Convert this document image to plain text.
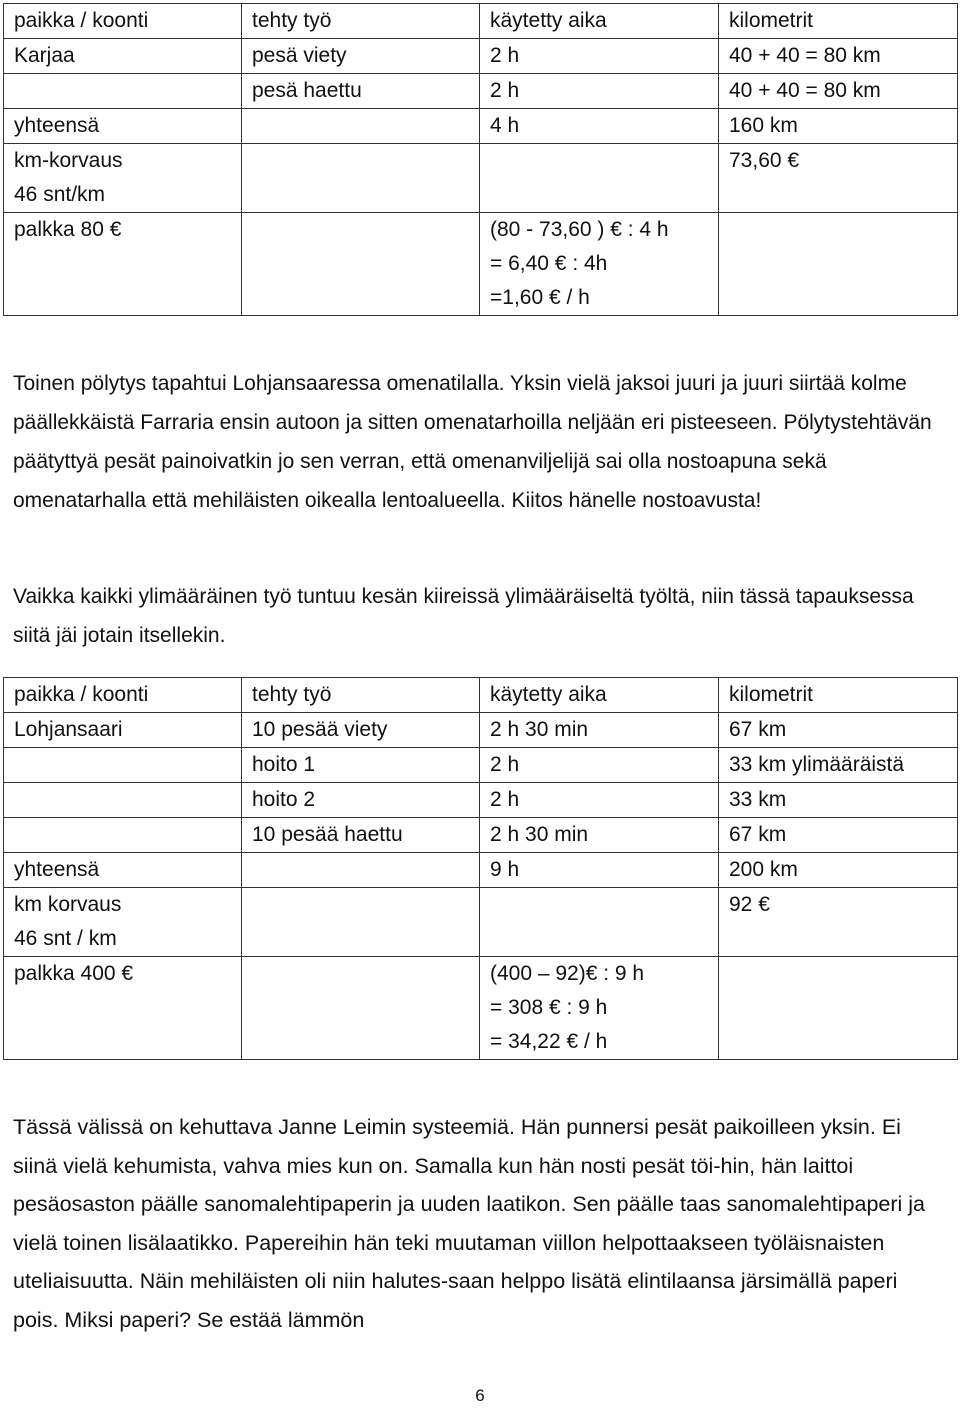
paikka / koonti	tehty työ	käytetty aika	kilometrit

Karjaa	pesä viety	2 h	40 + 40 = 80 km

	pesä haettu	2 h	40 + 40 = 80 km

yhteensä		4 h	160 km

km-korvaus
46 snt/km			73,60 €

palkka 80 €		(80 - 73,60 ) € : 4 h
= 6,40 € : 4h
=1,60 € / h	

Toinen pölytys tapahtui Lohjansaaressa omenatilalla. Yksin vielä jaksoi juuri ja juuri siirtää kolme päällekkäistä Farraria ensin autoon ja sitten omenatarhoilla neljään eri pisteeseen. Pölytystehtävän päätyttyä pesät painoivatkin jo sen verran, että omenanviljelijä sai olla nostoapuna sekä omenatarhalla että mehiläisten oikealla lentoalueella. Kiitos hänelle nostoavusta!
Vaikka kaikki ylimääräinen työ tuntuu kesän kiireissä ylimääräiseltä työltä, niin tässä tapauksessa siitä jäi jotain itsellekin.
paikka / koonti	tehty työ	käytetty aika	kilometrit

Lohjansaari	10 pesää viety	2 h 30 min	67 km

	hoito 1	2 h	33 km ylimääräistä

	hoito 2	2 h	33 km

	10 pesää haettu	2 h 30 min	67 km

yhteensä		9 h	200 km

km korvaus
46 snt / km			92 €

palkka 400 €		(400 – 92)€ : 9 h
= 308 € : 9 h
= 34,22 € / h	

Tässä välissä on kehuttava Janne Leimin systeemiä. Hän punnersi pesät paikoilleen yksin. Ei siinä vielä kehumista, vahva mies kun on. Samalla kun hän nosti pesät töi-hin, hän laittoi pesäosaston päälle sanomalehtipaperin ja uuden laatikon. Sen päälle taas sanomalehtipaperi ja vielä toinen lisälaatikko. Papereihin hän teki muutaman viillon helpottaakseen työläisnaisten uteliaisuutta. Näin mehiläisten oli niin halutes-saan helppo lisätä elintilaansa järsimällä paperi pois. Miksi paperi? Se estää lämmön
6
